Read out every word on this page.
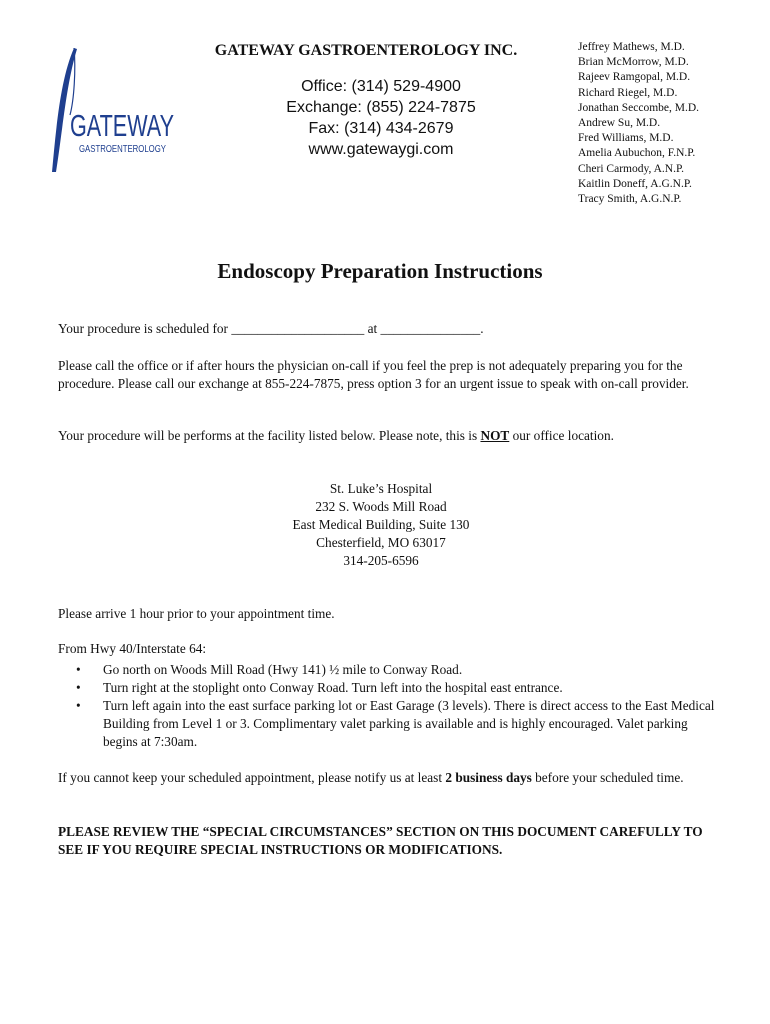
GATEWAY
GASTROENTEROLOGY
GATEWAY GASTROENTEROLOGY INC.
Office: (314) 529-4900
Exchange: (855) 224-7875
Fax: (314) 434-2679
www.gatewaygi.com
Jeffrey Mathews, M.D.
Brian McMorrow, M.D.
Rajeev Ramgopal, M.D.
Richard Riegel, M.D.
Jonathan Seccombe, M.D.
Andrew Su, M.D.
Fred Williams, M.D.
Amelia Aubuchon, F.N.P.
Cheri Carmody, A.N.P.
Kaitlin Doneff, A.G.N.P.
Tracy Smith, A.G.N.P.
Endoscopy Preparation Instructions
Your procedure is scheduled for ____________________ at _______________.
Please call the office or if after hours the physician on-call if you feel the prep is not adequately preparing you for the procedure. Please call our exchange at 855-224-7875, press option 3 for an urgent issue to speak with on-call provider.
Your procedure will be performs at the facility listed below. Please note, this is NOT our office location.
St. Luke’s Hospital
232 S. Woods Mill Road
East Medical Building, Suite 130
Chesterfield, MO 63017
314-205-6596
Please arrive 1 hour prior to your appointment time.
From Hwy 40/Interstate 64:
• Go north on Woods Mill Road (Hwy 141) ½ mile to Conway Road.
• Turn right at the stoplight onto Conway Road. Turn left into the hospital east entrance.
• Turn left again into the east surface parking lot or East Garage (3 levels). There is direct access to the East Medical Building from Level 1 or 3. Complimentary valet parking is available and is highly encouraged. Valet parking begins at 7:30am.
If you cannot keep your scheduled appointment, please notify us at least 2 business days before your scheduled time.
PLEASE REVIEW THE “SPECIAL CIRCUMSTANCES” SECTION ON THIS DOCUMENT CAREFULLY TO SEE IF YOU REQUIRE SPECIAL INSTRUCTIONS OR MODIFICATIONS.
